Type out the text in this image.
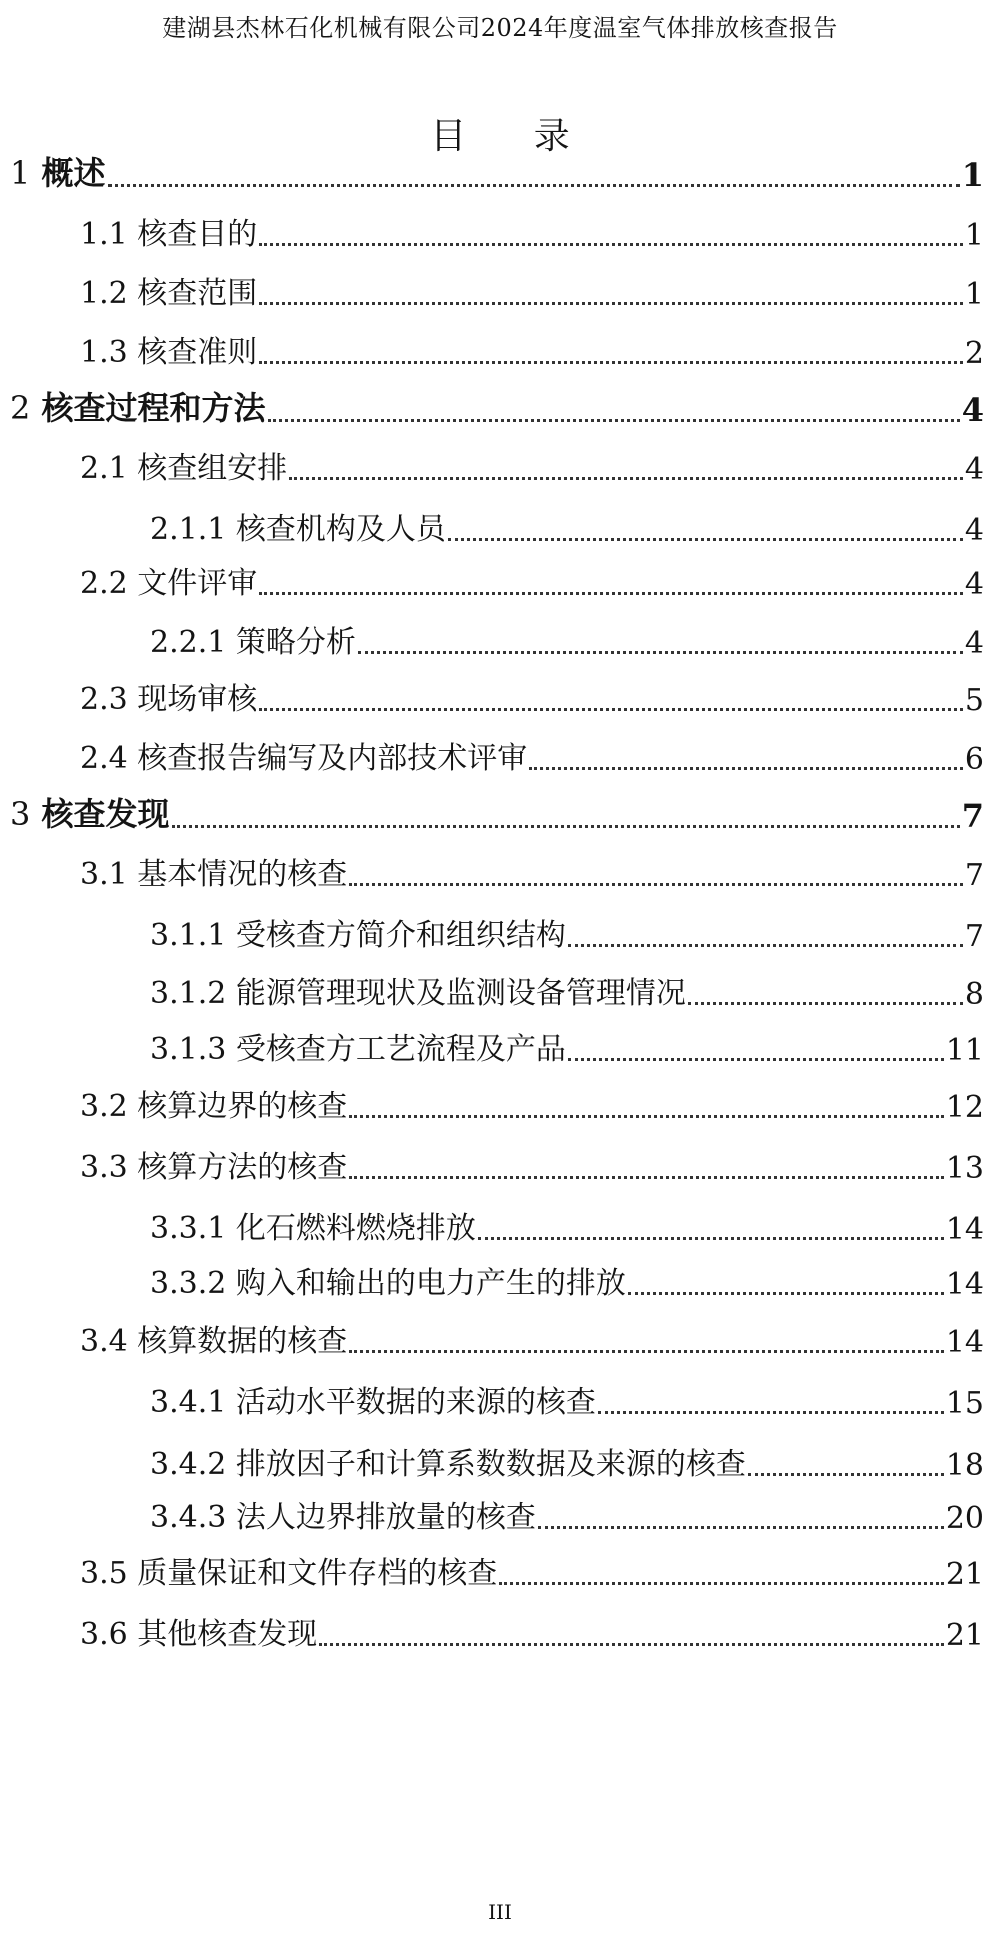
建湖县杰林石化机械有限公司2024年度温室气体排放核查报告
目 录
1 概述	1
1.1 核查目的	1
1.2 核查范围	1
1.3 核查准则	2
2 核查过程和方法	4
2.1 核查组安排	4
2.1.1 核查机构及人员	4
2.2 文件评审	4
2.2.1 策略分析	4
2.3 现场审核	5
2.4 核查报告编写及内部技术评审	6
3 核查发现	7
3.1 基本情况的核查	7
3.1.1 受核查方简介和组织结构	7
3.1.2 能源管理现状及监测设备管理情况	8
3.1.3 受核查方工艺流程及产品	11
3.2 核算边界的核查	12
3.3 核算方法的核查	13
3.3.1 化石燃料燃烧排放	14
3.3.2 购入和输出的电力产生的排放	14
3.4 核算数据的核查	14
3.4.1 活动水平数据的来源的核查	15
3.4.2 排放因子和计算系数数据及来源的核查	18
3.4.3 法人边界排放量的核查	20
3.5 质量保证和文件存档的核查	21
3.6 其他核查发现	21
III
